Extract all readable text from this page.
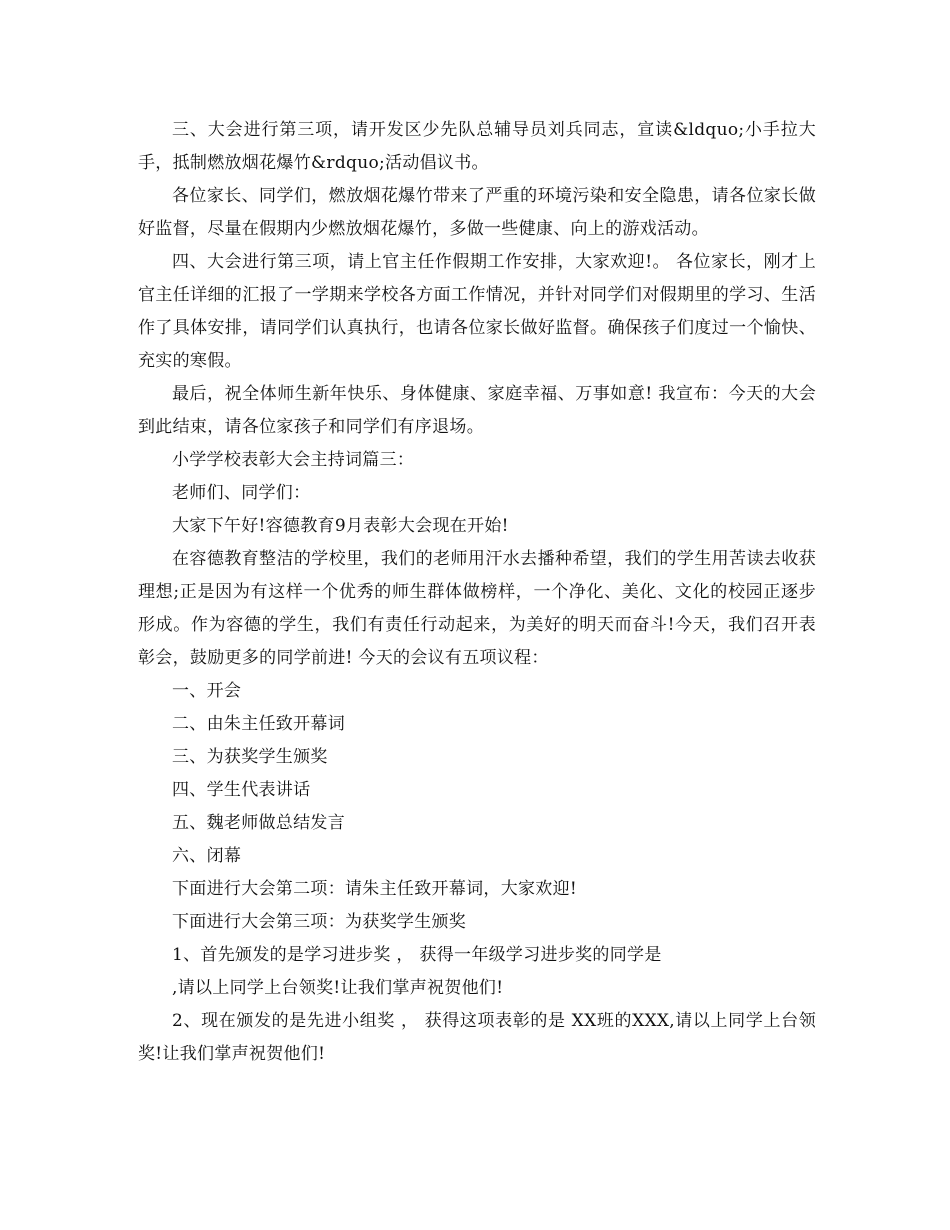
三、大会进行第三项，请开发区少先队总辅导员刘兵同志，宣读&ldquo;小手拉大手，抵制燃放烟花爆竹&rdquo;活动倡议书。

各位家长、同学们，燃放烟花爆竹带来了严重的环境污染和安全隐患，请各位家长做好监督，尽量在假期内少燃放烟花爆竹，多做一些健康、向上的游戏活动。

四、大会进行第三项，请上官主任作假期工作安排，大家欢迎!。 各位家长，刚才上官主任详细的汇报了一学期来学校各方面工作情况，并针对同学们对假期里的学习、生活作了具体安排，请同学们认真执行，也请各位家长做好监督。确保孩子们度过一个愉快、充实的寒假。

最后，祝全体师生新年快乐、身体健康、家庭幸福、万事如意! 我宣布：今天的大会到此结束，请各位家孩子和同学们有序退场。

小学学校表彰大会主持词篇三：

老师们、同学们：

大家下午好!容德教育9月表彰大会现在开始!

在容德教育整洁的学校里，我们的老师用汗水去播种希望，我们的学生用苦读去收获理想;正是因为有这样一个优秀的师生群体做榜样，一个净化、美化、文化的校园正逐步形成。作为容德的学生，我们有责任行动起来，为美好的明天而奋斗!今天，我们召开表彰会，鼓励更多的同学前进! 今天的会议有五项议程：

一、开会

二、由朱主任致开幕词

三、为获奖学生颁奖

四、学生代表讲话

五、魏老师做总结发言

六、闭幕

下面进行大会第二项：请朱主任致开幕词，大家欢迎!

下面进行大会第三项：为获奖学生颁奖

1、首先颁发的是学习进步奖 ， 获得一年级学习进步奖的同学是

,请以上同学上台领奖!让我们掌声祝贺他们!

2、现在颁发的是先进小组奖 ， 获得这项表彰的是 XX班的XXX,请以上同学上台领奖!让我们掌声祝贺他们!
